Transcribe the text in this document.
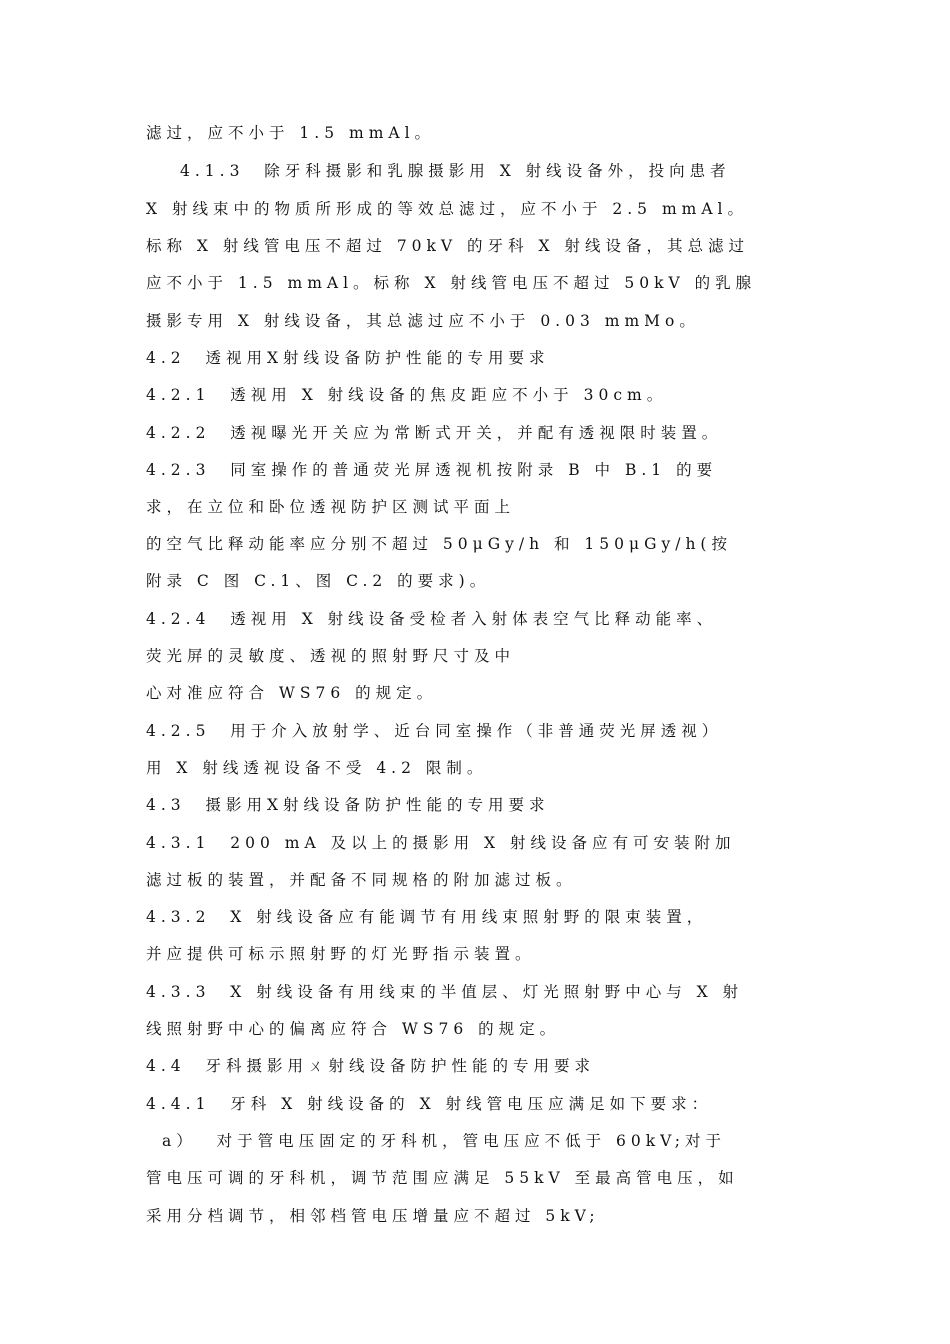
滤过，应不小于 1.5 mmAl。
4.1.3  除牙科摄影和乳腺摄影用 X 射线设备外，投向患者
X 射线束中的物质所形成的等效总滤过，应不小于 2.5 mmAl。
标称 X 射线管电压不超过 70kV 的牙科 X 射线设备，其总滤过
应不小于 1.5 mmAl。标称 X 射线管电压不超过 50kV 的乳腺
摄影专用 X 射线设备，其总滤过应不小于 0.03 mmMo。
4.2  透视用X射线设备防护性能的专用要求
4.2.1  透视用 X 射线设备的焦皮距应不小于 30cm。
4.2.2  透视曝光开关应为常断式开关，并配有透视限时装置。
4.2.3  同室操作的普通荧光屏透视机按附录 B 中 B.1 的要
求，在立位和卧位透视防护区测试平面上
的空气比释动能率应分别不超过 50μGy/h 和 150μGy/h(按
附录 C 图 C.1、图 C.2 的要求)。
4.2.4  透视用 X 射线设备受检者入射体表空气比释动能率、
荧光屏的灵敏度、透视的照射野尺寸及中
心对准应符合 WS76 的规定。
4.2.5  用于介入放射学、近台同室操作（非普通荧光屏透视）
用 X 射线透视设备不受 4.2 限制。
4.3  摄影用X射线设备防护性能的专用要求
4.3.1  200 mA 及以上的摄影用 X 射线设备应有可安装附加
滤过板的装置，并配备不同规格的附加滤过板。
4.3.2  X 射线设备应有能调节有用线束照射野的限束装置，
并应提供可标示照射野的灯光野指示装置。
4.3.3  X 射线设备有用线束的半值层、灯光照射野中心与 X 射
线照射野中心的偏离应符合 WS76 的规定。
4.4  牙科摄影用ㄨ射线设备防护性能的专用要求
4.4.1  牙科 X 射线设备的 X 射线管电压应满足如下要求：
a）  对于管电压固定的牙科机，管电压应不低于 60kV;对于
管电压可调的牙科机，调节范围应满足 55kV 至最高管电压，如
采用分档调节，相邻档管电压增量应不超过 5kV;
